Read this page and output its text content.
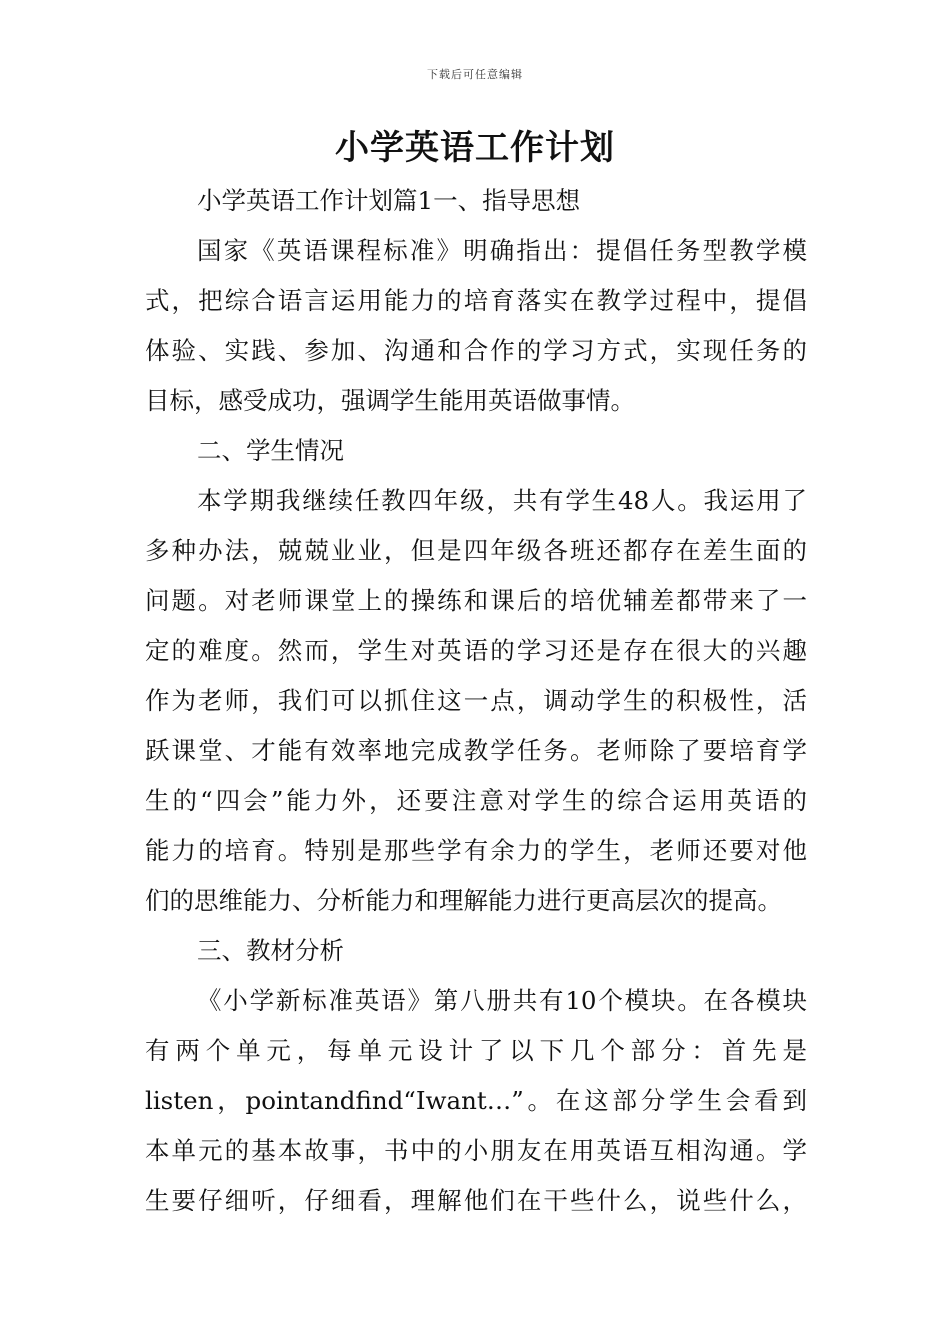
下载后可任意编辑
小学英语工作计划
小学英语工作计划篇1一、指导思想
国家《英语课程标准》明确指出：提倡任务型教学模
式，把综合语言运用能力的培育落实在教学过程中，提倡
体验、实践、参加、沟通和合作的学习方式，实现任务的
目标，感受成功，强调学生能用英语做事情。
二、学生情况
本学期我继续任教四年级，共有学生48人。我运用了
多种办法，兢兢业业，但是四年级各班还都存在差生面的
问题。对老师课堂上的操练和课后的培优辅差都带来了一
定的难度。然而，学生对英语的学习还是存在很大的兴趣
作为老师，我们可以抓住这一点，调动学生的积极性，活
跃课堂、才能有效率地完成教学任务。老师除了要培育学
生的“四会”能力外，还要注意对学生的综合运用英语的
能力的培育。特别是那些学有余力的学生，老师还要对他
们的思维能力、分析能力和理解能力进行更高层次的提高。
三、教材分析
《小学新标准英语》第八册共有10个模块。在各模块
有两个单元，每单元设计了以下几个部分：首先是
listen，pointandfind“Iwant…”。在这部分学生会看到
本单元的基本故事，书中的小朋友在用英语互相沟通。学
生要仔细听，仔细看，理解他们在干些什么，说些什么，
